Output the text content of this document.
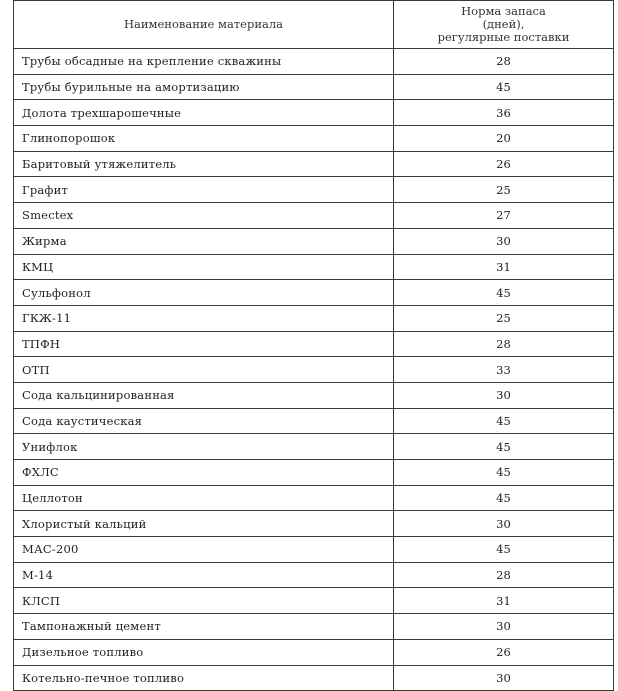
Наименование материала	Норма запаса
(дней),
регулярные поставки

Трубы обсадные на крепление скважины	28
Трубы бурильные на амортизацию	45
Долота трехшарошечные	36
Глинопорошок	20
Баритовый утяжелитель	26
Графит	25
Smectex	27
Жирма	30
КМЦ	31
Сульфонол	45
ГКЖ-11	25
ТПФН	28
ОТП	33
Сода кальцинированная	30
Сода каустическая	45
Унифлок	45
ФХЛС	45
Целлотон	45
Хлористый кальций	30
МАС-200	45
М-14	28
КЛСП	31
Тампонажный цемент	30
Дизельное топливо	26
Котельно-печное топливо	30
